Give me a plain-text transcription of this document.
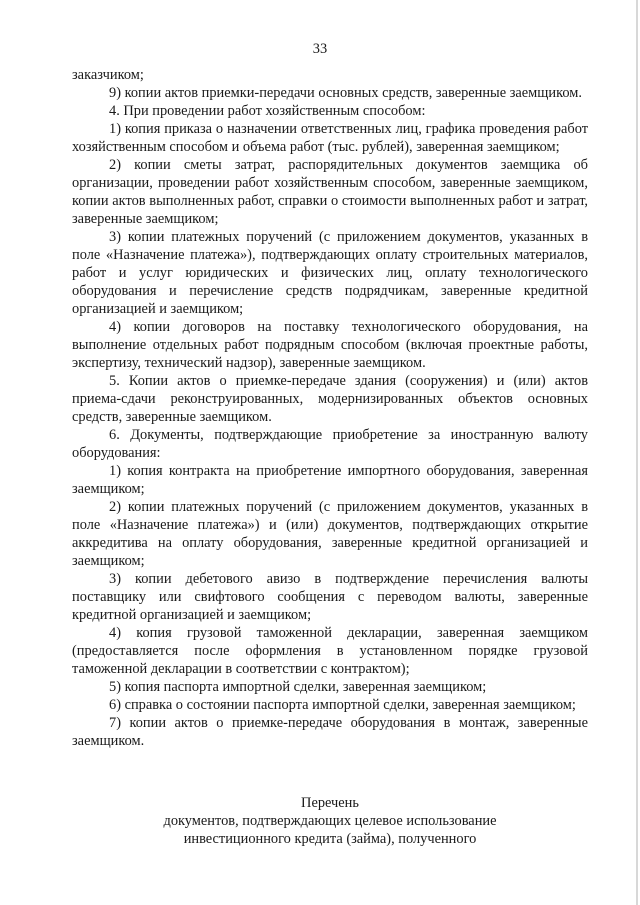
33

заказчиком;

9) копии актов приемки-передачи основных средств, заверенные заемщиком.

4. При проведении работ хозяйственным способом:

1) копия приказа о назначении ответственных лиц, графика проведения работ хозяйственным способом и объема работ (тыс. рублей), заверенная заемщиком;

2) копии сметы затрат, распорядительных документов заемщика об организации, проведении работ хозяйственным способом, заверенные заемщиком, копии актов выполненных работ, справки о стоимости выполненных работ и затрат, заверенные заемщиком;

3) копии платежных поручений (с приложением документов, указанных в поле «Назначение платежа»), подтверждающих оплату строительных материалов, работ и услуг юридических и физических лиц, оплату технологического оборудования и перечисление средств подрядчикам, заверенные кредитной организацией и заемщиком;

4) копии договоров на поставку технологического оборудования, на выполнение отдельных работ подрядным способом (включая проектные работы, экспертизу, технический надзор), заверенные заемщиком.

5. Копии актов о приемке-передаче здания (сооружения) и (или) актов приема-сдачи реконструированных, модернизированных объектов основных средств, заверенные заемщиком.

6. Документы, подтверждающие приобретение за иностранную валюту оборудования:

1) копия контракта на приобретение импортного оборудования, заверенная заемщиком;

2) копии платежных поручений (с приложением документов, указанных в поле «Назначение платежа») и (или) документов, подтверждающих открытие аккредитива на оплату оборудования, заверенные кредитной организацией и заемщиком;

3) копии дебетового авизо в подтверждение перечисления валюты поставщику или свифтового сообщения с переводом валюты, заверенные кредитной организацией и заемщиком;

4) копия грузовой таможенной декларации, заверенная заемщиком (предоставляется после оформления в установленном порядке грузовой таможенной декларации в соответствии с контрактом);

5) копия паспорта импортной сделки, заверенная заемщиком;

6) справка о состоянии паспорта импортной сделки, заверенная заемщиком;

7) копии актов о приемке-передаче оборудования в монтаж, заверенные заемщиком.

Перечень
документов, подтверждающих целевое использование
инвестиционного кредита (займа), полученного
